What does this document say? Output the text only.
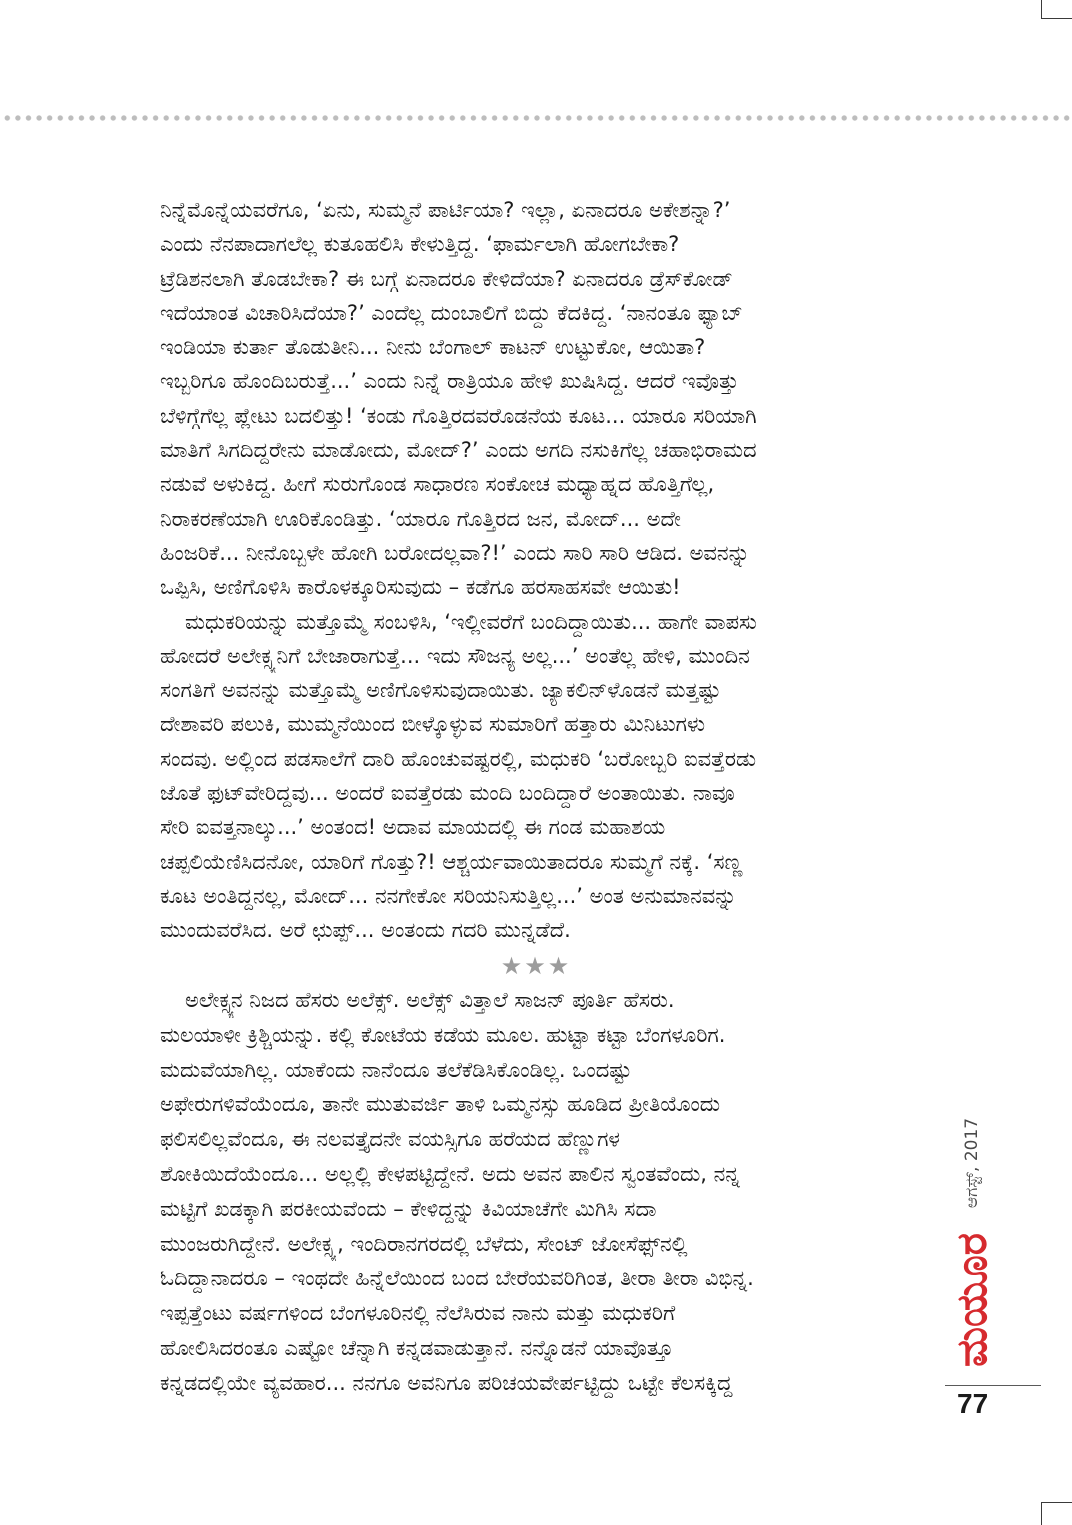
ನಿನ್ನೆಮೊನ್ನೆಯವರೆಗೂ, ‘ಏನು, ಸುಮ್ಮನೆ ಪಾರ್ಟಿಯಾ? ಇಲ್ಲಾ, ಏನಾದರೂ ಅಕೇಶನ್ನಾ?’
ಎಂದು ನೆನಪಾದಾಗಲೆಲ್ಲ ಕುತೂಹಲಿಸಿ ಕೇಳುತ್ತಿದ್ದ. ‘ಫಾರ್ಮಲಾಗಿ ಹೋಗಬೇಕಾ?
ಟ್ರೆಡಿಶನಲಾಗಿ ತೊಡಬೇಕಾ? ಈ ಬಗ್ಗೆ ಏನಾದರೂ ಕೇಳಿದೆಯಾ? ಏನಾದರೂ ಡ್ರೆಸ್‌ಕೋಡ್
ಇದೆಯಾಂತ ವಿಚಾರಿಸಿದೆಯಾ?’ ಎಂದೆಲ್ಲ ದುಂಬಾಲಿಗೆ ಬಿದ್ದು ಕೆದಕಿದ್ದ. ‘ನಾನಂತೂ ಫ್ಯಾಬ್
ಇಂಡಿಯಾ ಕುರ್ತಾ ತೊಡುತೀನಿ... ನೀನು ಬೆಂಗಾಲ್ ಕಾಟನ್ ಉಟ್ಟುಕೋ, ಆಯಿತಾ?
ಇಬ್ಬರಿಗೂ ಹೊಂದಿಬರುತ್ತೆ...’ ಎಂದು ನಿನ್ನೆ ರಾತ್ರಿಯೂ ಹೇಳಿ ಖುಷಿಸಿದ್ದ. ಆದರೆ ಇವೊತ್ತು
ಬೆಳಿಗ್ಗೆಗೆಲ್ಲ ಪ್ಲೇಟು ಬದಲಿತ್ತು! ‘ಕಂಡು ಗೊತ್ತಿರದವರೊಡನೆಯ ಕೂಟ... ಯಾರೂ ಸರಿಯಾಗಿ
ಮಾತಿಗೆ ಸಿಗದಿದ್ದರೇನು ಮಾಡೋದು, ಮೋದ್?’ ಎಂದು ಅಗದಿ ನಸುಕಿಗೆಲ್ಲ ಚಹಾಭಿರಾಮದ
ನಡುವೆ ಅಳುಕಿದ್ದ. ಹೀಗೆ ಸುರುಗೊಂಡ ಸಾಧಾರಣ ಸಂಕೋಚ ಮಧ್ಯಾಹ್ನದ ಹೊತ್ತಿಗೆಲ್ಲ,
ನಿರಾಕರಣೆಯಾಗಿ ಊರಿಕೊಂಡಿತ್ತು. ‘ಯಾರೂ ಗೊತ್ತಿರದ ಜನ, ಮೋದ್... ಅದೇ
ಹಿಂಜರಿಕೆ... ನೀನೊಬ್ಬಳೇ ಹೋಗಿ ಬರೋದಲ್ಲವಾ?!’ ಎಂದು ಸಾರಿ ಸಾರಿ ಆಡಿದ. ಅವನನ್ನು
ಒಪ್ಪಿಸಿ, ಅಣಿಗೊಳಿಸಿ ಕಾರೊಳಕ್ಕೂರಿಸುವುದು – ಕಡೆಗೂ ಹರಸಾಹಸವೇ ಆಯಿತು!
ಮಧುಕರಿಯನ್ನು ಮತ್ತೊಮ್ಮೆ ಸಂಬಳಿಸಿ, ‘ಇಲ್ಲೀವರೆಗೆ ಬಂದಿದ್ದಾಯಿತು... ಹಾಗೇ ವಾಪಸು
ಹೋದರೆ ಅಲೇಕ್ಸ್ಯನಿಗೆ ಬೇಜಾರಾಗುತ್ತೆ... ಇದು ಸೌಜನ್ಯ ಅಲ್ಲ...’ ಅಂತೆಲ್ಲ ಹೇಳಿ, ಮುಂದಿನ
ಸಂಗತಿಗೆ ಅವನನ್ನು ಮತ್ತೊಮ್ಮೆ ಅಣಿಗೊಳಿಸುವುದಾಯಿತು. ಜ್ಯಾಕಲಿನ್‌ಳೊಡನೆ ಮತ್ತಷ್ಟು
ದೇಶಾವರಿ ಪಲುಕಿ, ಮುಮ್ಮನೆಯಿಂದ ಬೀಳ್ಕೊಳ್ಳುವ ಸುಮಾರಿಗೆ ಹತ್ತಾರು ಮಿನಿಟುಗಳು
ಸಂದವು. ಅಲ್ಲಿಂದ ಪಡಸಾಲೆಗೆ ದಾರಿ ಹೊಂಚುವಷ್ಟರಲ್ಲಿ, ಮಧುಕರಿ ‘ಬರೋಬ್ಬರಿ ಐವತ್ತೆರಡು
ಜೊತೆ ಫುಟ್‌ವೇರಿದ್ದವು... ಅಂದರೆ ಐವತ್ತೆರಡು ಮಂದಿ ಬಂದಿದ್ದಾರೆ ಅಂತಾಯಿತು. ನಾವೂ
ಸೇರಿ ಐವತ್ತನಾಲ್ಕು...’ ಅಂತಂದ! ಅದಾವ ಮಾಯದಲ್ಲಿ ಈ ಗಂಡ ಮಹಾಶಯ
ಚಪ್ಪಲಿಯೆಣಿಸಿದನೋ, ಯಾರಿಗೆ ಗೊತ್ತು?! ಆಶ್ಚರ್ಯವಾಯಿತಾದರೂ ಸುಮ್ಮಗೆ ನಕ್ಕೆ. ‘ಸಣ್ಣ
ಕೂಟ ಅಂತಿದ್ದನಲ್ಲ, ಮೋದ್... ನನಗೇಕೋ ಸರಿಯನಿಸುತ್ತಿಲ್ಲ...’ ಅಂತ ಅನುಮಾನವನ್ನು
ಮುಂದುವರೆಸಿದ. ಅರೆ ಛುಪ್ಪ್... ಅಂತಂದು ಗದರಿ ಮುನ್ನಡೆದೆ.
★★★
ಅಲೇಕ್ಸ್ಯನ ನಿಜದ ಹೆಸರು ಅಲೆಕ್ಸ್. ಅಲೆಕ್ಸ್ ವಿತ್ತಾಲೆ ಸಾಜನ್ ಪೂರ್ತಿ ಹೆಸರು.
ಮಲಯಾಳೀ ಕ್ರಿಶ್ಚಿಯನ್ನು. ಕಲ್ಲಿ ಕೋಟೆಯ ಕಡೆಯ ಮೂಲ. ಹುಟ್ಟಾ ಕಟ್ಟಾ ಬೆಂಗಳೂರಿಗ.
ಮದುವೆಯಾಗಿಲ್ಲ. ಯಾಕೆಂದು ನಾನೆಂದೂ ತಲೆಕೆಡಿಸಿಕೊಂಡಿಲ್ಲ. ಒಂದಷ್ಟು
ಅಫೇರುಗಳಿವೆಯೆಂದೂ, ತಾನೇ ಮುತುವರ್ಜಿ ತಾಳಿ ಒಮ್ಮನಸ್ಸು ಹೂಡಿದ ಪ್ರೀತಿಯೊಂದು
ಫಲಿಸಲಿಲ್ಲವೆಂದೂ, ಈ ನಲವತ್ತೈದನೇ ವಯಸ್ಸಿಗೂ ಹರೆಯದ ಹೆಣ್ಣುಗಳ
ಶೋಕಿಯಿದೆಯೆಂದೂ... ಅಲ್ಲಲ್ಲಿ ಕೇಳಪಟ್ಟಿದ್ದೇನೆ. ಅದು ಅವನ ಪಾಲಿನ ಸ್ವಂತವೆಂದು, ನನ್ನ
ಮಟ್ಟಿಗೆ ಖಡಕ್ಕಾಗಿ ಪರಕೀಯವೆಂದು – ಕೇಳಿದ್ದನ್ನು ಕಿವಿಯಾಚೆಗೇ ಮಿಗಿಸಿ ಸದಾ
ಮುಂಜರುಗಿದ್ದೇನೆ. ಅಲೇಕ್ಸ್ಯ, ಇಂದಿರಾನಗರದಲ್ಲಿ ಬೆಳೆದು, ಸೇಂಟ್ ಜೋಸೆಫ್ಸ್‌ನಲ್ಲಿ
ಓದಿದ್ದಾನಾದರೂ – ಇಂಥದೇ ಹಿನ್ನೆಲೆಯಿಂದ ಬಂದ ಬೇರೆಯವರಿಗಿಂತ, ತೀರಾ ತೀರಾ ವಿಭಿನ್ನ.
ಇಪ್ಪತ್ತೆಂಟು ವರ್ಷಗಳಿಂದ ಬೆಂಗಳೂರಿನಲ್ಲಿ ನೆಲೆಸಿರುವ ನಾನು ಮತ್ತು ಮಧುಕರಿಗೆ
ಹೋಲಿಸಿದರಂತೂ ಎಷ್ಟೋ ಚೆನ್ನಾಗಿ ಕನ್ನಡವಾಡುತ್ತಾನೆ. ನನ್ನೊಡನೆ ಯಾವೊತ್ತೂ
ಕನ್ನಡದಲ್ಲಿಯೇ ವ್ಯವಹಾರ... ನನಗೂ ಅವನಿಗೂ ಪರಿಚಯವೇರ್ಪಟ್ಟಿದ್ದು ಒಟ್ಟೇ ಕೆಲಸಕ್ಕಿದ್ದ
ಆಗಸ್ಟ್, 2017
ಮಯೂರ
77
